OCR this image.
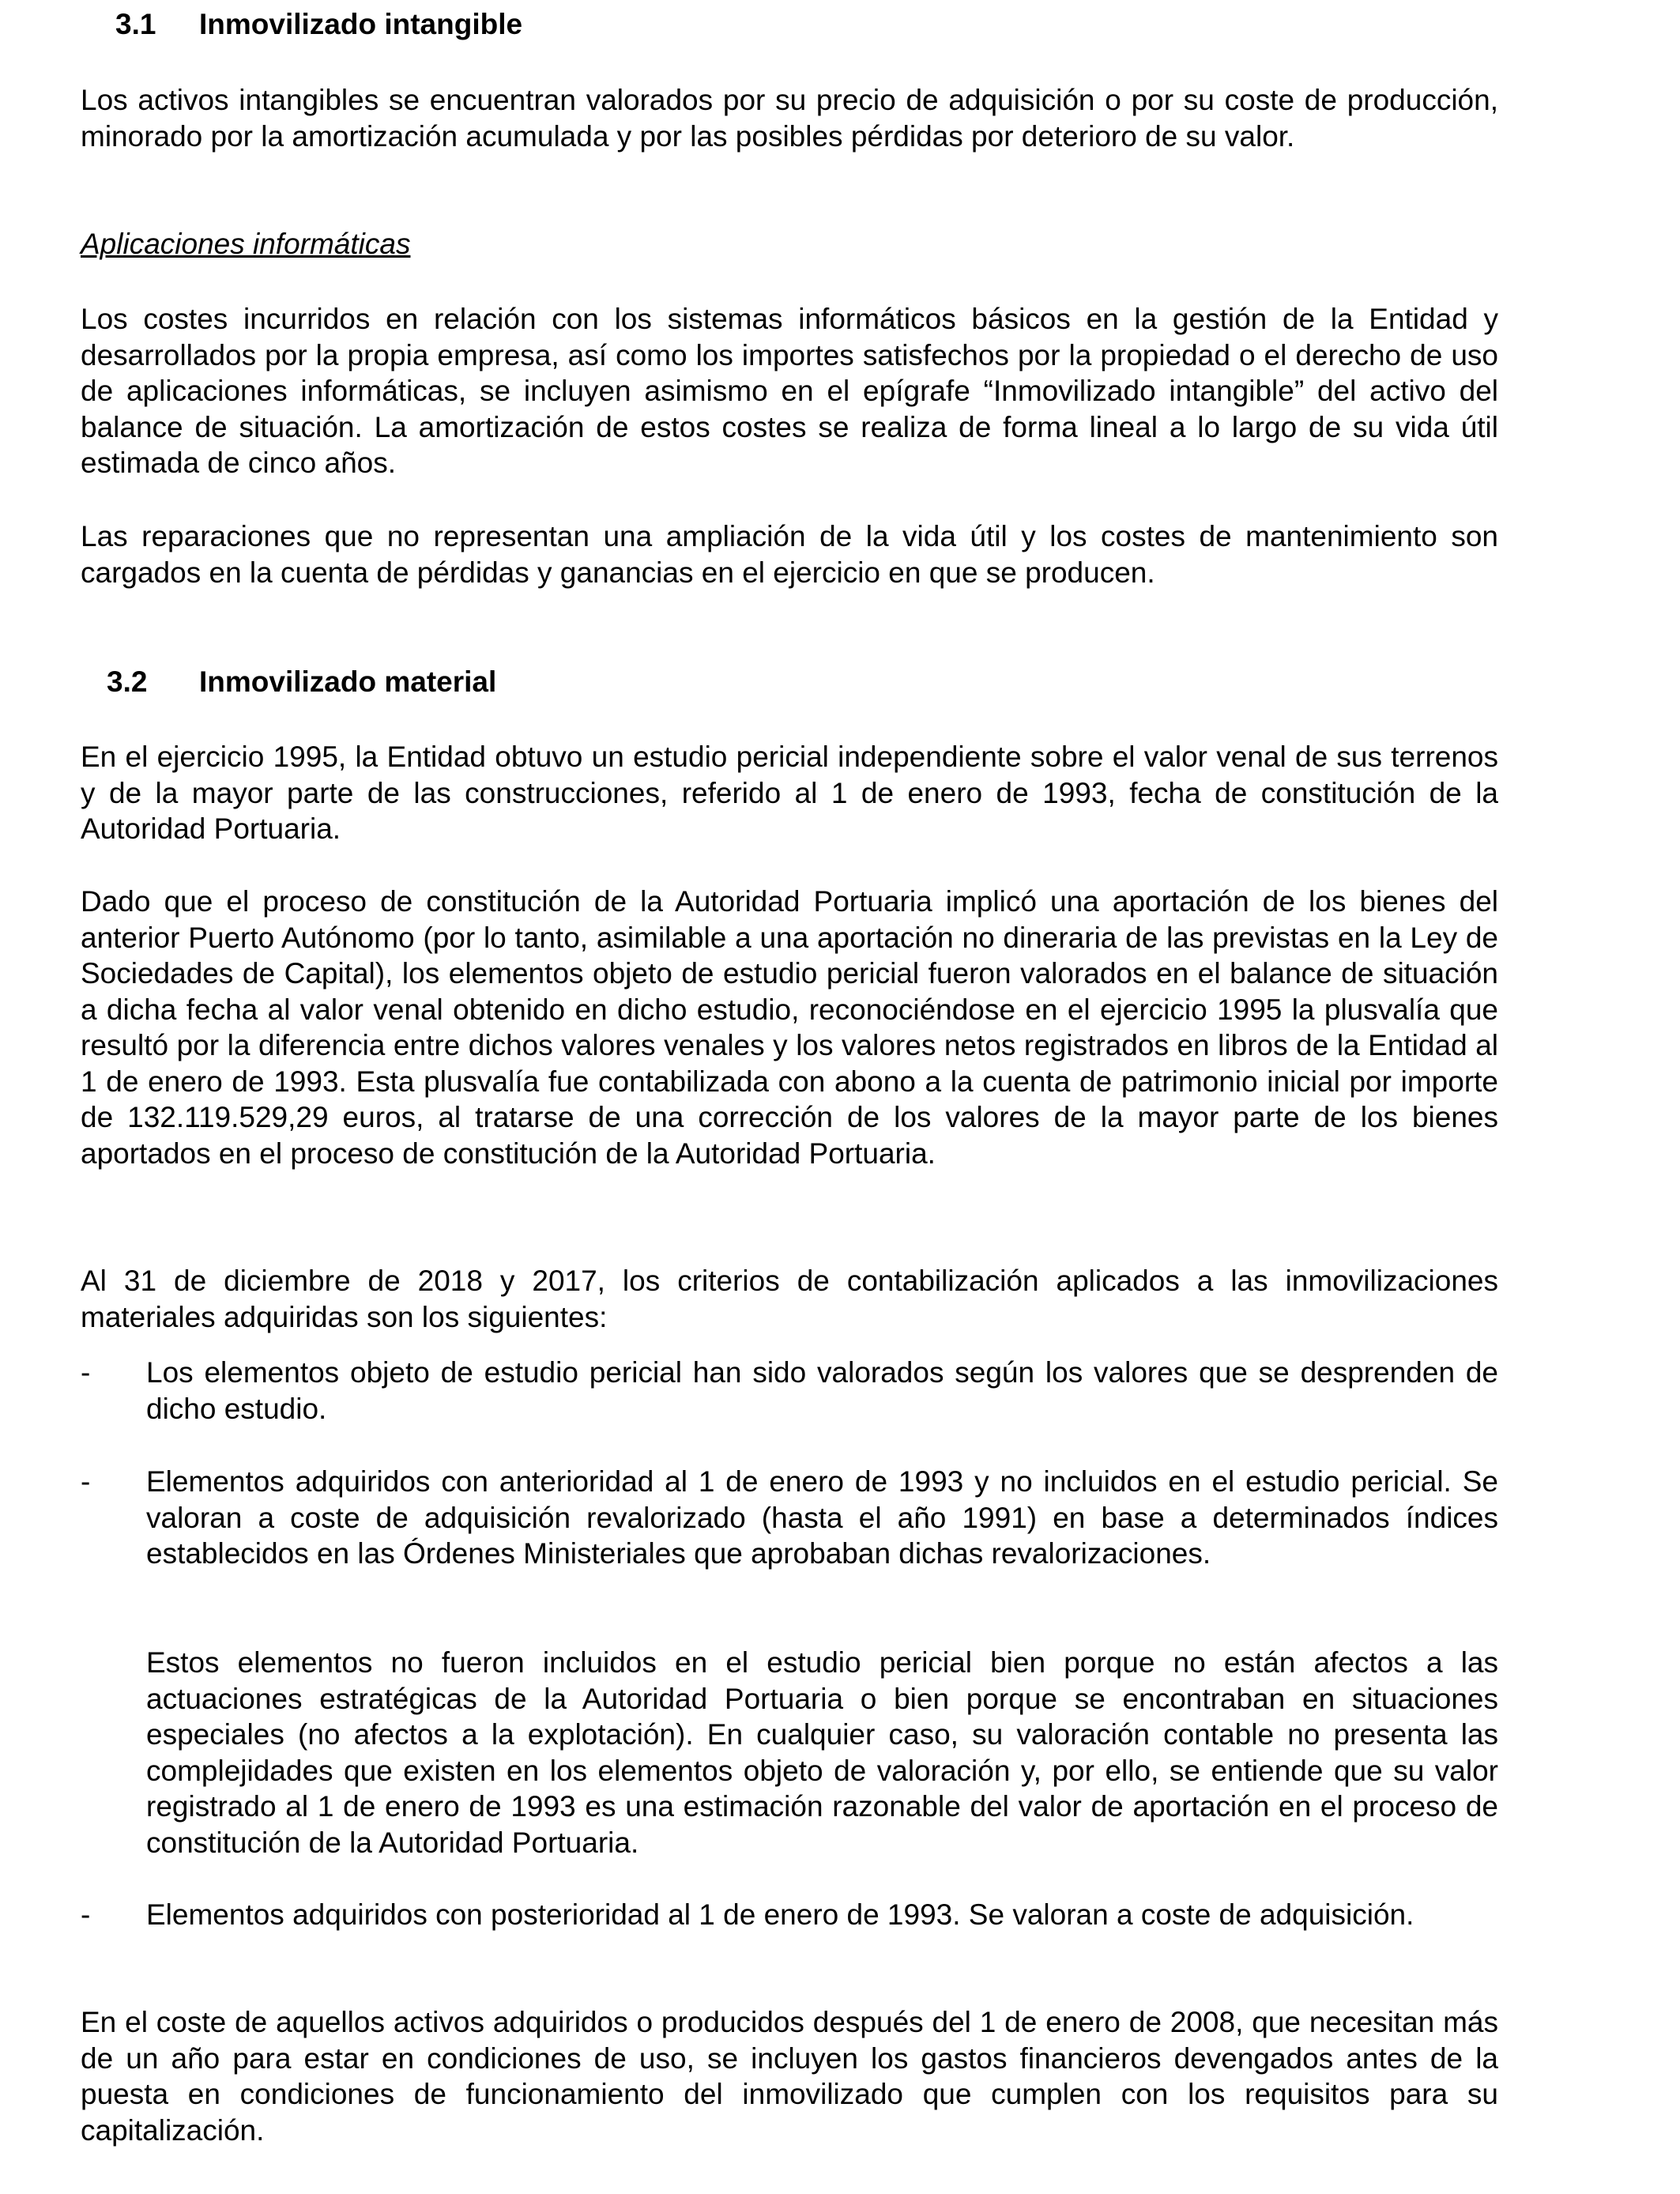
3.1 Inmovilizado intangible
Los activos intangibles se encuentran valorados por su precio de adquisición o por su coste de producción, minorado por la amortización acumulada y por las posibles pérdidas por deterioro de su valor.
Aplicaciones informáticas
Los costes incurridos en relación con los sistemas informáticos básicos en la gestión de la Entidad y desarrollados por la propia empresa, así como los importes satisfechos por la propiedad o el derecho de uso de aplicaciones informáticas, se incluyen asimismo en el epígrafe “Inmovilizado intangible” del activo del balance de situación. La amortización de estos costes se realiza de forma lineal a lo largo de su vida útil estimada de cinco años.
Las reparaciones que no representan una ampliación de la vida útil y los costes de mantenimiento son cargados en la cuenta de pérdidas y ganancias en el ejercicio en que se producen.
3.2 Inmovilizado material
En el ejercicio 1995, la Entidad obtuvo un estudio pericial independiente sobre el valor venal de sus terrenos y de la mayor parte de las construcciones, referido al 1 de enero de 1993, fecha de constitución de la Autoridad Portuaria.
Dado que el proceso de constitución de la Autoridad Portuaria implicó una aportación de los bienes del anterior Puerto Autónomo (por lo tanto, asimilable a una aportación no dineraria de las previstas en la Ley de Sociedades de Capital), los elementos objeto de estudio pericial fueron valorados en el balance de situación a dicha fecha al valor venal obtenido en dicho estudio, reconociéndose en el ejercicio 1995 la plusvalía que resultó por la diferencia entre dichos valores venales y los valores netos registrados en libros de la Entidad al 1 de enero de 1993. Esta plusvalía fue contabilizada con abono a la cuenta de patrimonio inicial por importe de 132.119.529,29 euros, al tratarse de una corrección de los valores de la mayor parte de los bienes aportados en el proceso de constitución de la Autoridad Portuaria.
Al 31 de diciembre de 2018 y 2017, los criterios de contabilización aplicados a las inmovilizaciones materiales adquiridas son los siguientes:
- Los elementos objeto de estudio pericial han sido valorados según los valores que se desprenden de dicho estudio.
- Elementos adquiridos con anterioridad al 1 de enero de 1993 y no incluidos en el estudio pericial. Se valoran a coste de adquisición revalorizado (hasta el año 1991) en base a determinados índices establecidos en las Órdenes Ministeriales que aprobaban dichas revalorizaciones.
Estos elementos no fueron incluidos en el estudio pericial bien porque no están afectos a las actuaciones estratégicas de la Autoridad Portuaria o bien porque se encontraban en situaciones especiales (no afectos a la explotación). En cualquier caso, su valoración contable no presenta las complejidades que existen en los elementos objeto de valoración y, por ello, se entiende que su valor registrado al 1 de enero de 1993 es una estimación razonable del valor de aportación en el proceso de constitución de la Autoridad Portuaria.
- Elementos adquiridos con posterioridad al 1 de enero de 1993. Se valoran a coste de adquisición.
En el coste de aquellos activos adquiridos o producidos después del 1 de enero de 2008, que necesitan más de un año para estar en condiciones de uso, se incluyen los gastos financieros devengados antes de la puesta en condiciones de funcionamiento del inmovilizado que cumplen con los requisitos para su capitalización.
